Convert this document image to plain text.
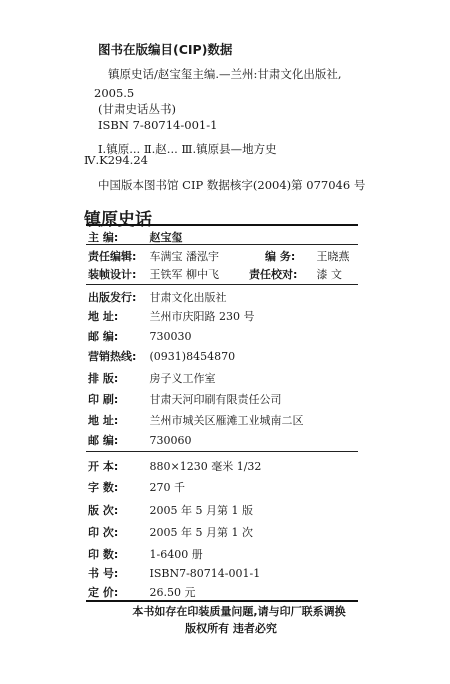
图书在版编目(CIP)数据
镇原史话/赵宝玺主编.—兰州:甘肃文化出版社,
2005.5
(甘肃史话丛书)
ISBN 7-80714-001-1
Ⅰ.镇原... Ⅱ.赵... Ⅲ.镇原县—地方史
Ⅳ.K294.24
中国版本图书馆 CIP 数据核字(2004)第 077046 号
镇原史话
主 编:	赵宝玺
责任编辑: 车满宝 潘泓宇	编 务: 王晓燕
装帧设计: 王铁军 柳中飞	责任校对: 漆 文
出版发行: 甘肃文化出版社
地 址:	兰州市庆阳路 230 号
邮 编:	730030
营销热线: (0931)8454870
排 版:	房子义工作室
印 刷:	甘肃天河印刷有限责任公司
地 址:	兰州市城关区雁滩工业城南二区
邮 编:	730060
开 本:	880×1230 毫米 1/32
字 数:	270 千
版 次:	2005 年 5 月第 1 版
印 次:	2005 年 5 月第 1 次
印 数:	1-6400 册
书 号:	ISBN7-80714-001-1
定 价:	26.50 元
本书如存在印装质量问题,请与印厂联系调换
版权所有 违者必究
